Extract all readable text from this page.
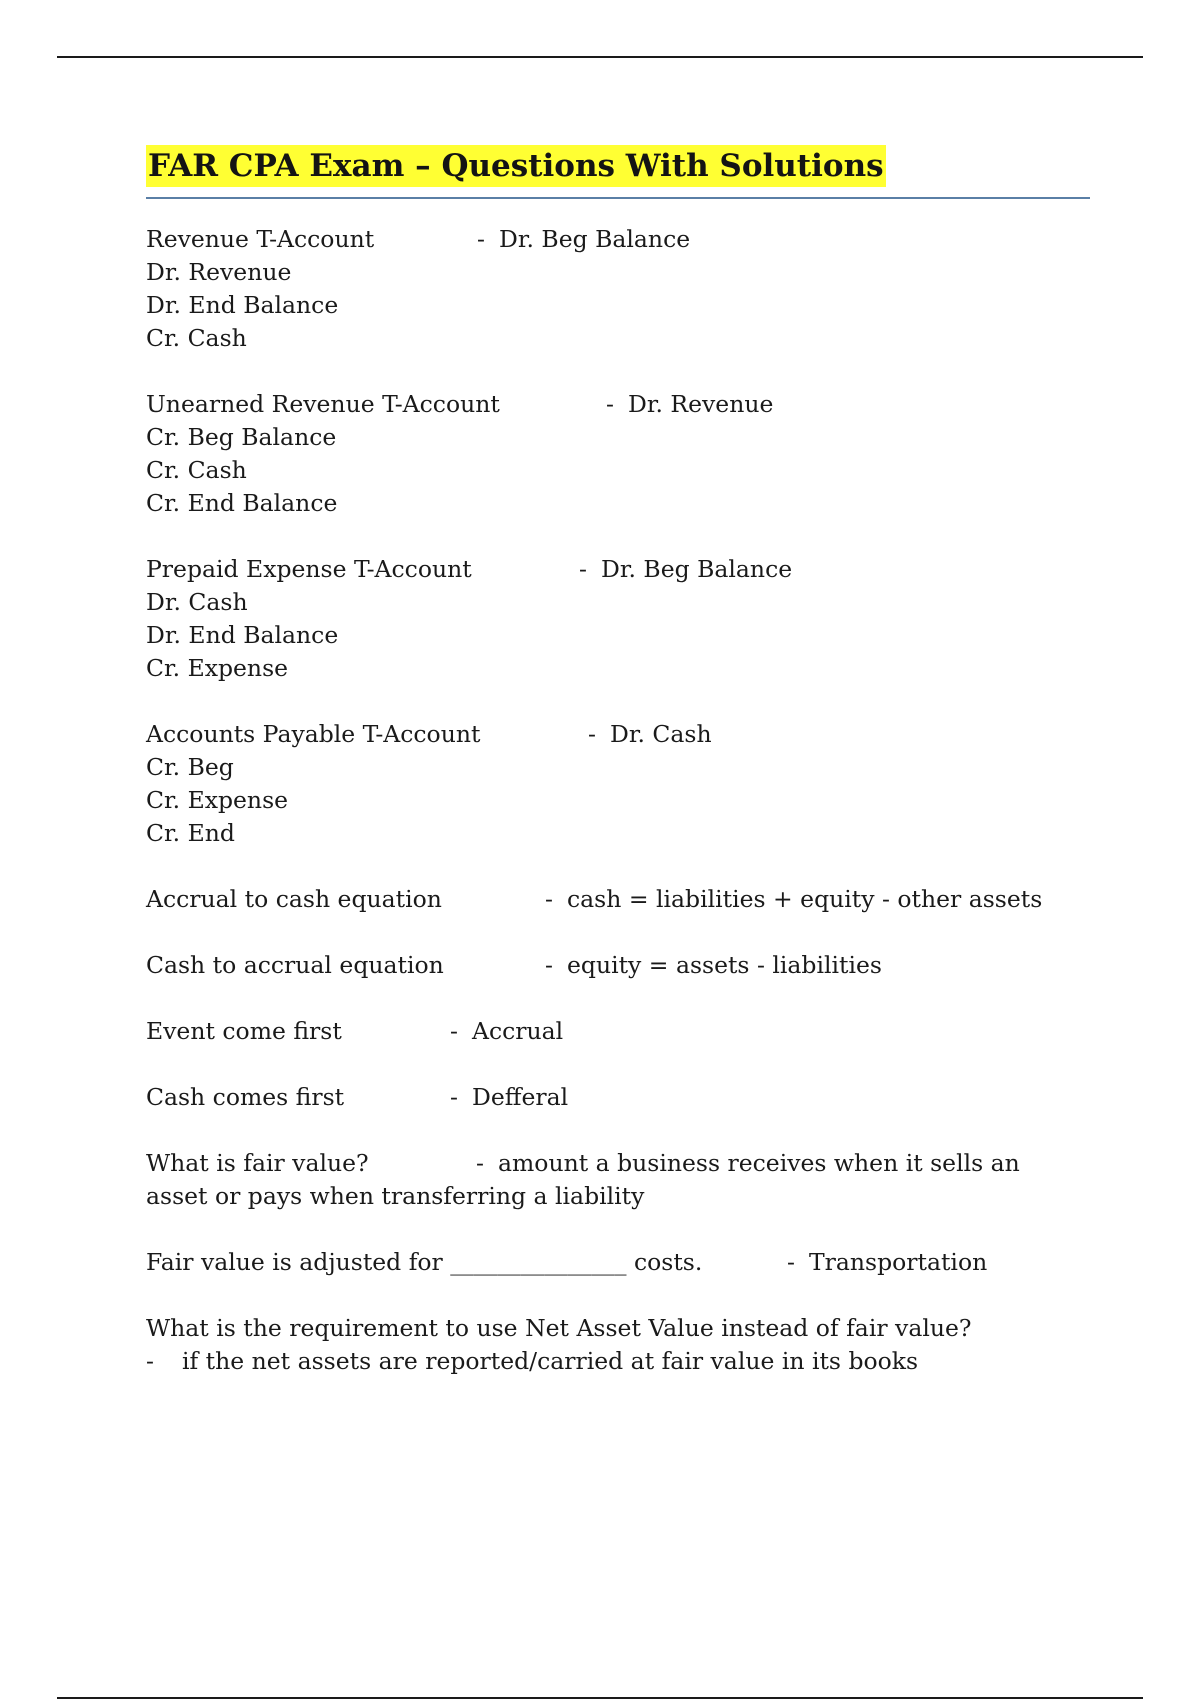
FAR CPA Exam – Questions With Solutions
Revenue T-Account	- Dr. Beg Balance
Dr. Revenue
Dr. End Balance
Cr. Cash
Unearned Revenue T-Account	- Dr. Revenue
Cr. Beg Balance
Cr. Cash
Cr. End Balance
Prepaid Expense T-Account	- Dr. Beg Balance
Dr. Cash
Dr. End Balance
Cr. Expense
Accounts Payable T-Account	- Dr. Cash
Cr. Beg
Cr. Expense
Cr. End
Accrual to cash equation	- cash = liabilities + equity - other assets
Cash to accrual equation	- equity = assets - liabilities
Event come first	- Accrual
Cash comes first	- Defferal
What is fair value?	- amount a business receives when it sells an
asset or pays when transferring a liability
Fair value is adjusted for _______________ costs.	- Transportation
What is the requirement to use Net Asset Value instead of fair value?
- if the net assets are reported/carried at fair value in its books
